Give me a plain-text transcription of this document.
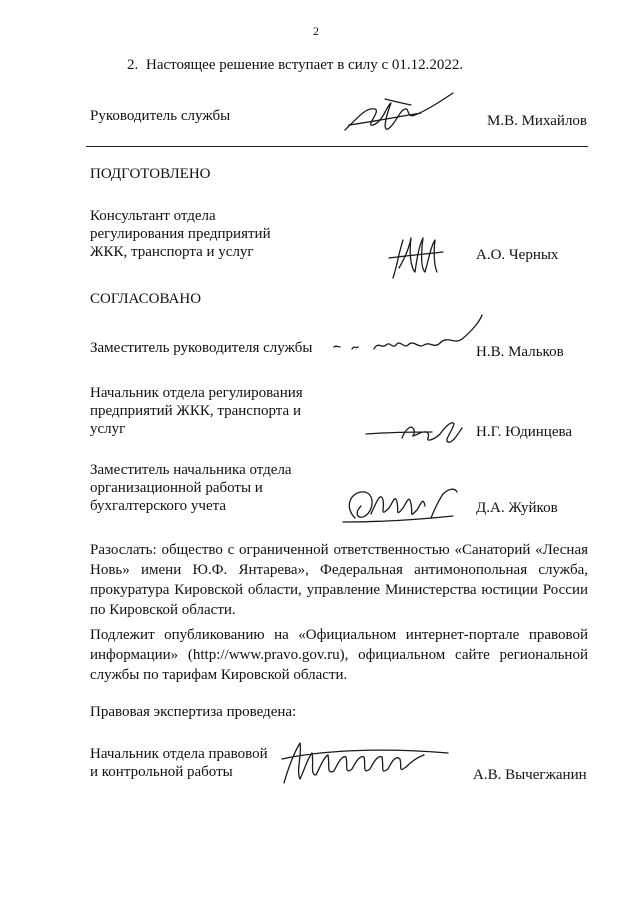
2
2. Настоящее решение вступает в силу с 01.12.2022.
Руководитель службы	М.В. Михайлов
ПОДГОТОВЛЕНО
Консультант отдела
регулирования предприятий
ЖКК, транспорта и услуг	А.О. Черных
СОГЛАСОВАНО
Заместитель руководителя службы	Н.В. Мальков
Начальник отдела регулирования
предприятий ЖКК, транспорта и
услуг	Н.Г. Юдинцева
Заместитель начальника отдела
организационной работы и
бухгалтерского учета	Д.А. Жуйков
Разослать: общество с ограниченной ответственностью «Санаторий «Лесная Новь» имени Ю.Ф. Янтарева», Федеральная антимонопольная служба, прокуратура Кировской области, управление Министерства юстиции России по Кировской области.
Подлежит опубликованию на «Официальном интернет-портале правовой информации» (http://www.pravo.gov.ru), официальном сайте региональной службы по тарифам Кировской области.
Правовая экспертиза проведена:
Начальник отдела правовой
и контрольной работы	А.В. Вычегжанин
